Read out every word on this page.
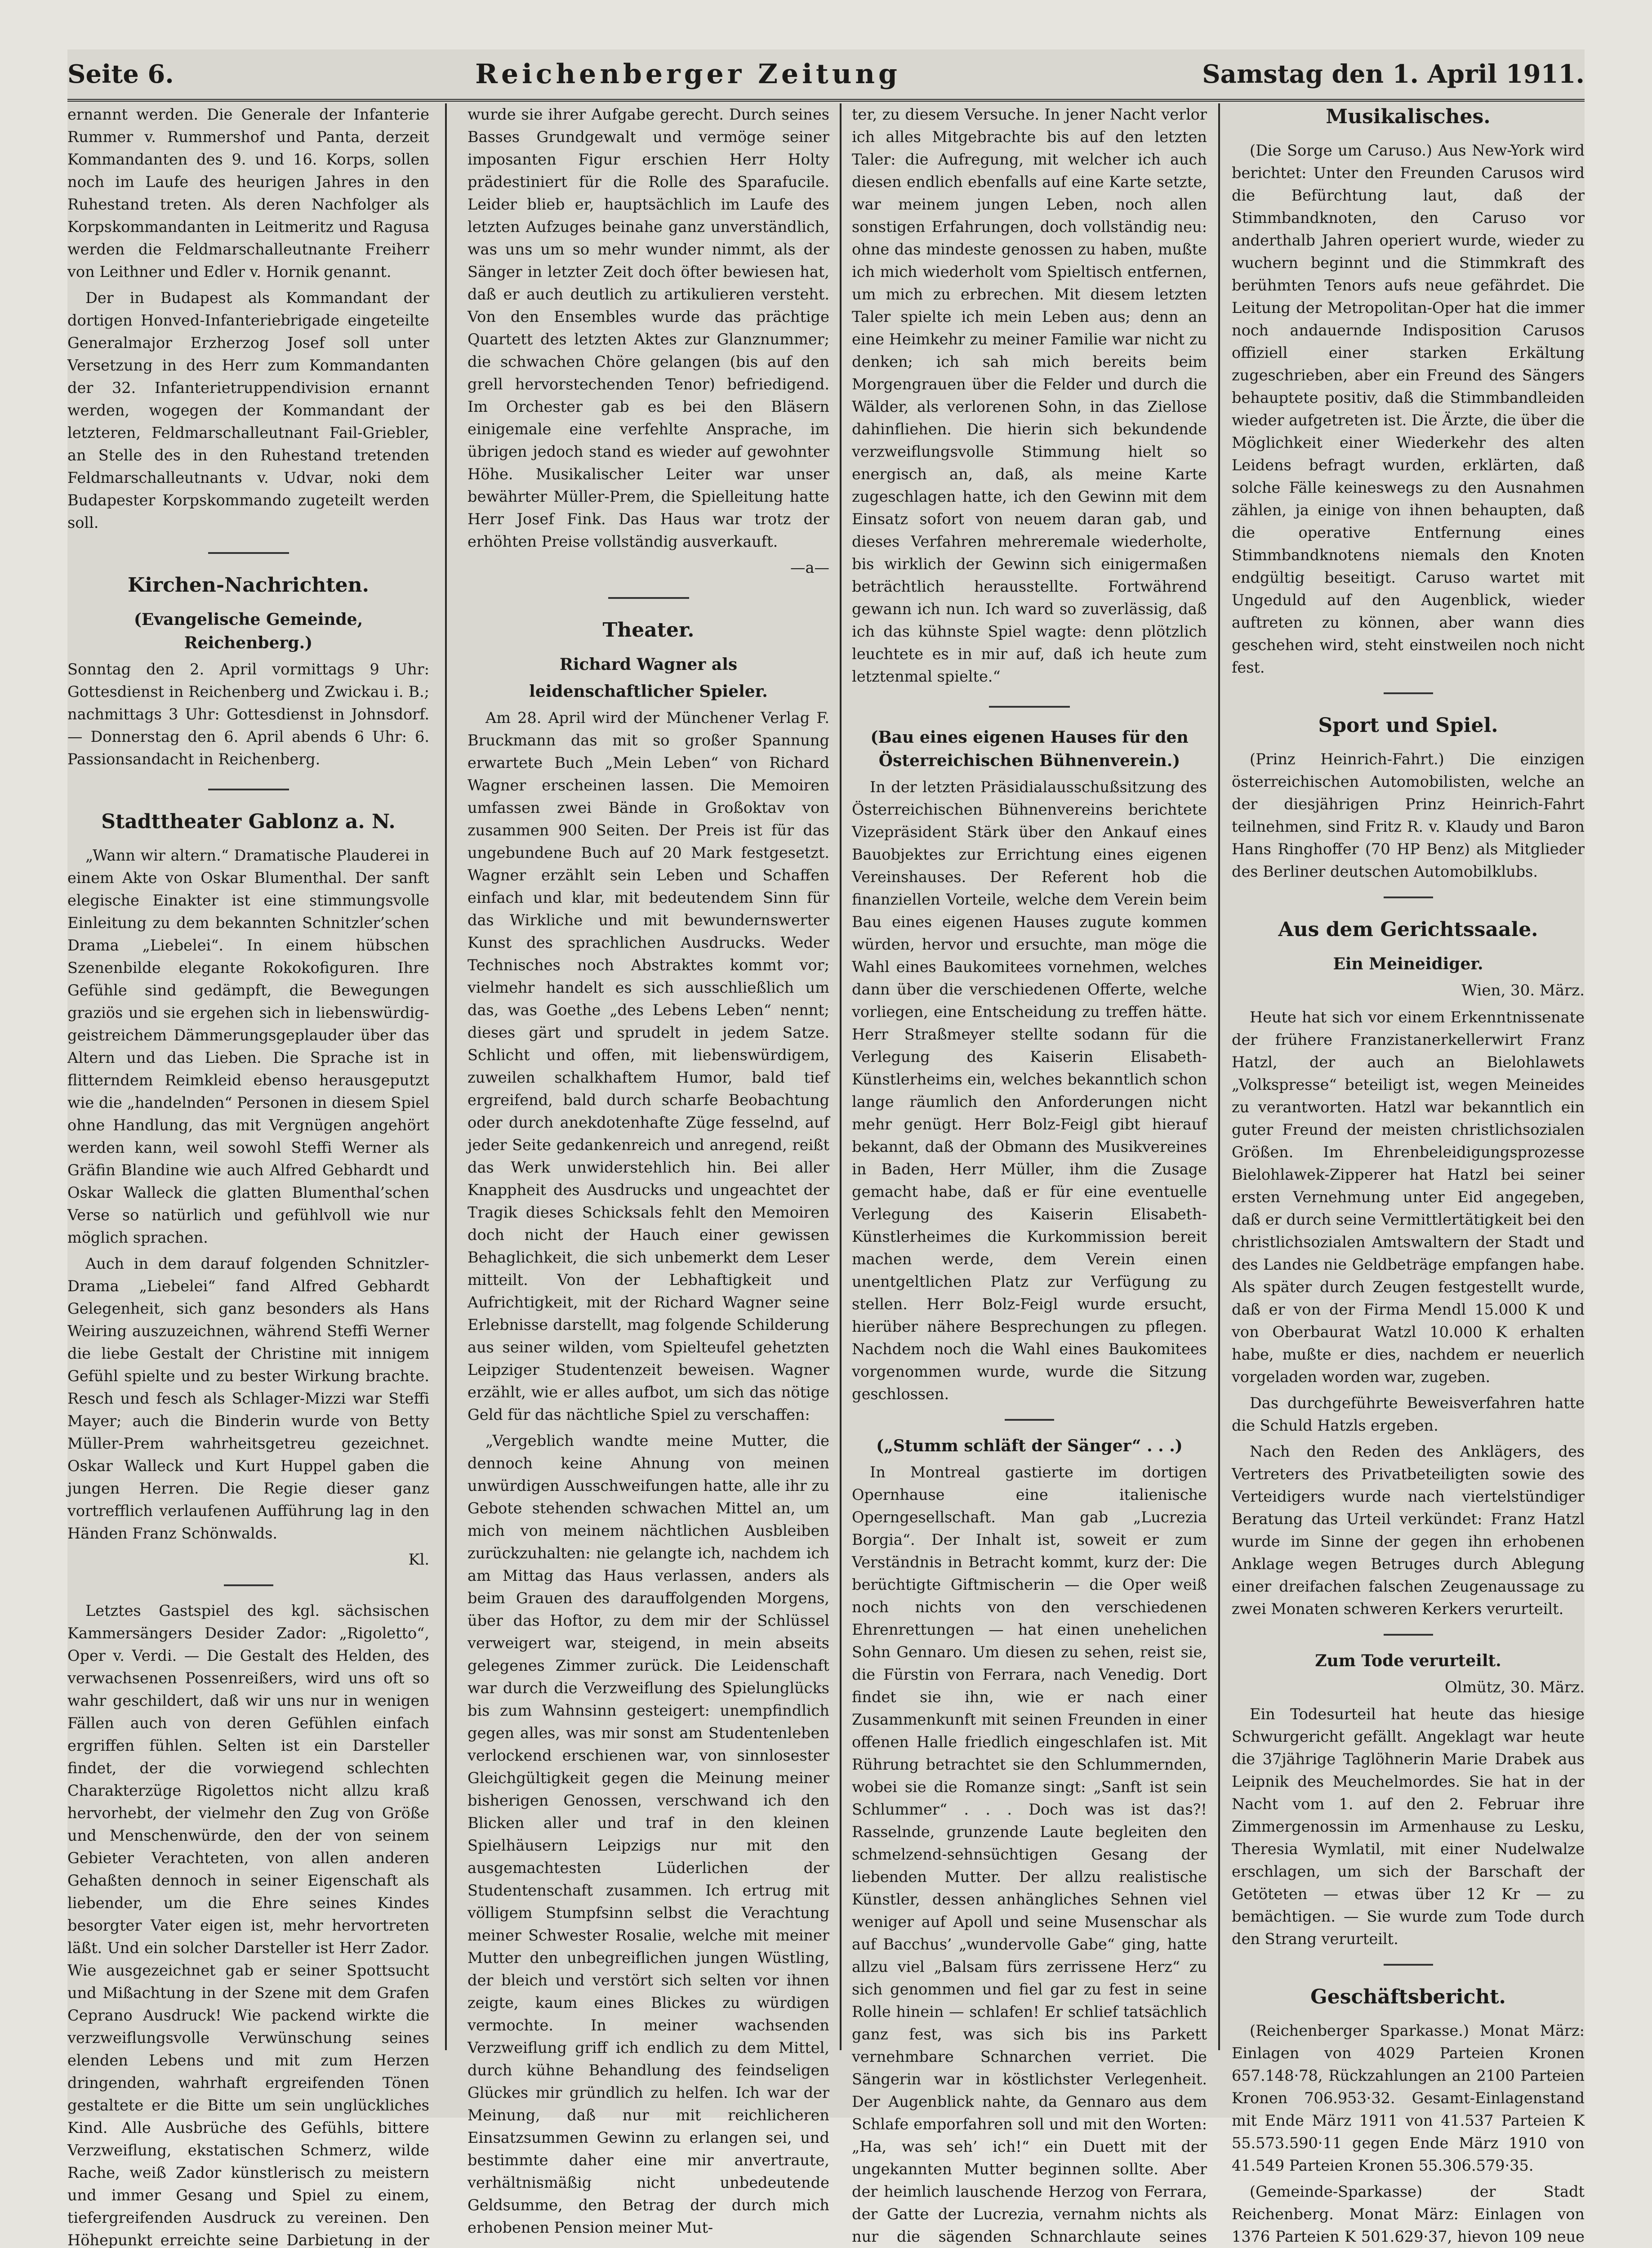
Seite 6.	Reichenberger Zeitung	Samstag den 1. April 1911.

ernannt werden. Die Generale der Infanterie Rummer v. Rummershof und Panta, derzeit Kommandanten des 9. und 16. Korps, sollen noch im Laufe des heurigen Jahres in den Ruhestand treten. Als deren Nachfolger als Korpskommandanten in Leitmeritz und Ragusa werden die Feldmarschalleutnante Freiherr von Leithner und Edler v. Hornik genannt.

Der in Budapest als Kommandant der dortigen Honved-Infanteriebrigade eingeteilte Generalmajor Erzherzog Josef soll unter Versetzung in des Herr zum Kommandanten der 32. Infanterietruppendivision ernannt werden, wogegen der Kommandant der letzteren, Feldmarschalleutnant Fail-Griebler, an Stelle des in den Ruhestand tretenden Feldmarschalleutnants v. Udvar, noki dem Budapester Korpskommando zugeteilt werden soll.

Kirchen-Nachrichten.
(Evangelische Gemeinde, Reichenberg.)

Sonntag den 2. April vormittags 9 Uhr: Gottesdienst in Reichenberg und Zwickau i. B.; nachmittags 3 Uhr: Gottesdienst in Johnsdorf. — Donnerstag den 6. April abends 6 Uhr: 6. Passionsandacht in Reichenberg.

Stadttheater Gablonz a. N.

„Wann wir altern.“ Dramatische Plauderei in einem Akte von Oskar Blumenthal. Der sanft elegische Einakter ist eine stimmungsvolle Einleitung zu dem bekannten Schnitzler’schen Drama „Liebelei“. In einem hübschen Szenenbilde elegante Rokokofiguren. Ihre Gefühle sind gedämpft, die Bewegungen graziös und sie ergehen sich in liebenswürdig-geistreichem Dämmerungsgeplauder über das Altern und das Lieben. Die Sprache ist in flitterndem Reimkleid ebenso herausgeputzt wie die „handelnden“ Personen in diesem Spiel ohne Handlung, das mit Vergnügen angehört werden kann, weil sowohl Steffi Werner als Gräfin Blandine wie auch Alfred Gebhardt und Oskar Walleck die glatten Blumenthal’schen Verse so natürlich und gefühlvoll wie nur möglich sprachen.

Auch in dem darauf folgenden Schnitzler-Drama „Liebelei“ fand Alfred Gebhardt Gelegenheit, sich ganz besonders als Hans Weiring auszuzeichnen, während Steffi Werner die liebe Gestalt der Christine mit innigem Gefühl spielte und zu bester Wirkung brachte. Resch und fesch als Schlager-Mizzi war Steffi Mayer; auch die Binderin wurde von Betty Müller-Prem wahrheitsgetreu gezeichnet. Oskar Walleck und Kurt Huppel gaben die jungen Herren. Die Regie dieser ganz vortrefflich verlaufenen Aufführung lag in den Händen Franz Schönwalds.

Kl.

Letztes Gastspiel des kgl. sächsischen Kammersängers Desider Zador: „Rigoletto“, Oper v. Verdi. — Die Gestalt des Helden, des verwachsenen Possenreißers, wird uns oft so wahr geschildert, daß wir uns nur in wenigen Fällen auch von deren Gefühlen einfach ergriffen fühlen. Selten ist ein Darsteller findet, der die vorwiegend schlechten Charakterzüge Rigolettos nicht allzu kraß hervorhebt, der vielmehr den Zug von Größe und Menschenwürde, den der von seinem Gebieter Verachteten, von allen anderen Gehaßten dennoch in seiner Eigenschaft als liebender, um die Ehre seines Kindes besorgter Vater eigen ist, mehr hervortreten läßt. Und ein solcher Darsteller ist Herr Zador. Wie ausgezeichnet gab er seiner Spottsucht und Mißachtung in der Szene mit dem Grafen Ceprano Ausdruck! Wie packend wirkte die verzweiflungsvolle Verwünschung seines elenden Lebens und mit zum Herzen dringenden, wahrhaft ergreifenden Tönen gestaltete er die Bitte um sein unglückliches Kind. Alle Ausbrüche des Gefühls, bittere Verzweiflung, ekstatischen Schmerz, wilde Rache, weiß Zador künstlerisch zu meistern und immer Gesang und Spiel zu einem, tiefergreifenden Ausdruck zu vereinen. Den Höhepunkt erreichte seine Darbietung in der

wurde sie ihrer Aufgabe gerecht. Durch seines Basses Grundgewalt und vermöge seiner imposanten Figur erschien Herr Holty prädestiniert für die Rolle des Sparafucile. Leider blieb er, hauptsächlich im Laufe des letzten Aufzuges beinahe ganz unverständlich, was uns um so mehr wunder nimmt, als der Sänger in letzter Zeit doch öfter bewiesen hat, daß er auch deutlich zu artikulieren versteht. Von den Ensembles wurde das prächtige Quartett des letzten Aktes zur Glanznummer; die schwachen Chöre gelangen (bis auf den grell hervorstechenden Tenor) befriedigend. Im Orchester gab es bei den Bläsern einigemale eine verfehlte Ansprache, im übrigen jedoch stand es wieder auf gewohnter Höhe. Musikalischer Leiter war unser bewährter Müller-Prem, die Spielleitung hatte Herr Josef Fink. Das Haus war trotz der erhöhten Preise vollständig ausverkauft.

—a—
Theater.
Richard Wagner als
leidenschaftlicher Spieler.

Am 28. April wird der Münchener Verlag F. Bruckmann das mit so großer Spannung erwartete Buch „Mein Leben“ von Richard Wagner erscheinen lassen. Die Memoiren umfassen zwei Bände in Großoktav von zusammen 900 Seiten. Der Preis ist für das ungebundene Buch auf 20 Mark festgesetzt. Wagner erzählt sein Leben und Schaffen einfach und klar, mit bedeutendem Sinn für das Wirkliche und mit bewundernswerter Kunst des sprachlichen Ausdrucks. Weder Technisches noch Abstraktes kommt vor; vielmehr handelt es sich ausschließlich um das, was Goethe „des Lebens Leben“ nennt; dieses gärt und sprudelt in jedem Satze. Schlicht und offen, mit liebenswürdigem, zuweilen schalkhaftem Humor, bald tief ergreifend, bald durch scharfe Beobachtung oder durch anekdotenhafte Züge fesselnd, auf jeder Seite gedankenreich und anregend, reißt das Werk unwiderstehlich hin. Bei aller Knappheit des Ausdrucks und ungeachtet der Tragik dieses Schicksals fehlt den Memoiren doch nicht der Hauch einer gewissen Behaglichkeit, die sich unbemerkt dem Leser mitteilt. Von der Lebhaftigkeit und Aufrichtigkeit, mit der Richard Wagner seine Erlebnisse darstellt, mag folgende Schilderung aus seiner wilden, vom Spielteufel gehetzten Leipziger Studentenzeit beweisen. Wagner erzählt, wie er alles aufbot, um sich das nötige Geld für das nächtliche Spiel zu verschaffen:

„Vergeblich wandte meine Mutter, die dennoch keine Ahnung von meinen unwürdigen Ausschweifungen hatte, alle ihr zu Gebote stehenden schwachen Mittel an, um mich von meinem nächtlichen Ausbleiben zurückzuhalten: nie gelangte ich, nachdem ich am Mittag das Haus verlassen, anders als beim Grauen des darauffolgenden Morgens, über das Hoftor, zu dem mir der Schlüssel verweigert war, steigend, in mein abseits gelegenes Zimmer zurück. Die Leidenschaft war durch die Verzweiflung des Spielunglücks bis zum Wahnsinn gesteigert: unempfindlich gegen alles, was mir sonst am Studentenleben verlockend erschienen war, von sinnlosester Gleichgültigkeit gegen die Meinung meiner bisherigen Genossen, verschwand ich den Blicken aller und traf in den kleinen Spielhäusern Leipzigs nur mit den ausgemachtesten Lüderlichen der Studentenschaft zusammen. Ich ertrug mit völligem Stumpfsinn selbst die Verachtung meiner Schwester Rosalie, welche mit meiner Mutter den unbegreiflichen jungen Wüstling, der bleich und verstört sich selten vor ihnen zeigte, kaum eines Blickes zu würdigen vermochte. In meiner wachsenden Verzweiflung griff ich endlich zu dem Mittel, durch kühne Behandlung des feindseligen Glückes mir gründlich zu helfen. Ich war der Meinung, daß nur mit reichlicheren Einsatzsummen Gewinn zu erlangen sei, und bestimmte daher eine mir anvertraute, verhältnismäßig nicht unbedeutende Geldsumme, den Betrag der durch mich erhobenen Pension meiner Mut-

ter, zu diesem Versuche. In jener Nacht verlor ich alles Mitgebrachte bis auf den letzten Taler: die Aufregung, mit welcher ich auch diesen endlich ebenfalls auf eine Karte setzte, war meinem jungen Leben, noch allen sonstigen Erfahrungen, doch vollständig neu: ohne das mindeste genossen zu haben, mußte ich mich wiederholt vom Spieltisch entfernen, um mich zu erbrechen. Mit diesem letzten Taler spielte ich mein Leben aus; denn an eine Heimkehr zu meiner Familie war nicht zu denken; ich sah mich bereits beim Morgengrauen über die Felder und durch die Wälder, als verlorenen Sohn, in das Ziellose dahinfliehen. Die hierin sich bekundende verzweiflungsvolle Stimmung hielt so energisch an, daß, als meine Karte zugeschlagen hatte, ich den Gewinn mit dem Einsatz sofort von neuem daran gab, und dieses Verfahren mehreremale wiederholte, bis wirklich der Gewinn sich einigermaßen beträchtlich herausstellte. Fortwährend gewann ich nun. Ich ward so zuverlässig, daß ich das kühnste Spiel wagte: denn plötzlich leuchtete es in mir auf, daß ich heute zum letztenmal spielte.“

(Bau eines eigenen Hauses für den Österreichischen Bühnenverein.)

In der letzten Präsidialausschußsitzung des Österreichischen Bühnenvereins berichtete Vizepräsident Stärk über den Ankauf eines Bauobjektes zur Errichtung eines eigenen Vereinshauses. Der Referent hob die finanziellen Vorteile, welche dem Verein beim Bau eines eigenen Hauses zugute kommen würden, hervor und ersuchte, man möge die Wahl eines Baukomitees vornehmen, welches dann über die verschiedenen Offerte, welche vorliegen, eine Entscheidung zu treffen hätte. Herr Straßmeyer stellte sodann für die Verlegung des Kaiserin Elisabeth-Künstlerheims ein, welches bekanntlich schon lange räumlich den Anforderungen nicht mehr genügt. Herr Bolz-Feigl gibt hierauf bekannt, daß der Obmann des Musikvereines in Baden, Herr Müller, ihm die Zusage gemacht habe, daß er für eine eventuelle Verlegung des Kaiserin Elisabeth-Künstlerheimes die Kurkommission bereit machen werde, dem Verein einen unentgeltlichen Platz zur Verfügung zu stellen. Herr Bolz-Feigl wurde ersucht, hierüber nähere Besprechungen zu pflegen. Nachdem noch die Wahl eines Baukomitees vorgenommen wurde, wurde die Sitzung geschlossen.

(„Stumm schläft der Sänger“ . . .)

In Montreal gastierte im dortigen Opernhause eine italienische Operngesellschaft. Man gab „Lucrezia Borgia“. Der Inhalt ist, soweit er zum Verständnis in Betracht kommt, kurz der: Die berüchtigte Giftmischerin — die Oper weiß noch nichts von den verschiedenen Ehrenrettungen — hat einen unehelichen Sohn Gennaro. Um diesen zu sehen, reist sie, die Fürstin von Ferrara, nach Venedig. Dort findet sie ihn, wie er nach einer Zusammenkunft mit seinen Freunden in einer offenen Halle friedlich eingeschlafen ist. Mit Rührung betrachtet sie den Schlummernden, wobei sie die Romanze singt: „Sanft ist sein Schlummer“ . . . Doch was ist das?! Rasselnde, grunzende Laute begleiten den schmelzend-sehnsüchtigen Gesang der liebenden Mutter. Der allzu realistische Künstler, dessen anhängliches Sehnen viel weniger auf Apoll und seine Musenschar als auf Bacchus’ „wundervolle Gabe“ ging, hatte allzu viel „Balsam fürs zerrissene Herz“ zu sich genommen und fiel gar zu fest in seine Rolle hinein — schlafen! Er schlief tatsächlich ganz fest, was sich bis ins Parkett vernehmbare Schnarchen verriet. Die Sängerin war in köstlichster Verlegenheit. Der Augenblick nahte, da Gennaro aus dem Schlafe emporfahren soll und mit den Worten: „Ha, was seh’ ich!“ ein Duett mit der ungekannten Mutter beginnen sollte. Aber der heimlich lauschende Herzog von Ferrara, der Gatte der Lucrezia, vernahm nichts als nur die sägenden Schnarchlaute seines

Musikalisches.

(Die Sorge um Caruso.) Aus New-York wird berichtet: Unter den Freunden Carusos wird die Befürchtung laut, daß der Stimmbandknoten, den Caruso vor anderthalb Jahren operiert wurde, wieder zu wuchern beginnt und die Stimmkraft des berühmten Tenors aufs neue gefährdet. Die Leitung der Metropolitan-Oper hat die immer noch andauernde Indisposition Carusos offiziell einer starken Erkältung zugeschrieben, aber ein Freund des Sängers behauptete positiv, daß die Stimmbandleiden wieder aufgetreten ist. Die Ärzte, die über die Möglichkeit einer Wiederkehr des alten Leidens befragt wurden, erklärten, daß solche Fälle keineswegs zu den Ausnahmen zählen, ja einige von ihnen behaupten, daß die operative Entfernung eines Stimmbandknotens niemals den Knoten endgültig beseitigt. Caruso wartet mit Ungeduld auf den Augenblick, wieder auftreten zu können, aber wann dies geschehen wird, steht einstweilen noch nicht fest.

Sport und Spiel.

(Prinz Heinrich-Fahrt.) Die einzigen österreichischen Automobilisten, welche an der diesjährigen Prinz Heinrich-Fahrt teilnehmen, sind Fritz R. v. Klaudy und Baron Hans Ringhoffer (70 HP Benz) als Mitglieder des Berliner deutschen Automobilklubs.

Aus dem Gerichtssaale.
Ein Meineidiger.
Wien, 30. März.

Heute hat sich vor einem Erkenntnissenate der frühere Franzistanerkellerwirt Franz Hatzl, der auch an Bielohlawets „Volkspresse“ beteiligt ist, wegen Meineides zu verantworten. Hatzl war bekanntlich ein guter Freund der meisten christlichsozialen Größen. Im Ehrenbeleidigungsprozesse Bielohlawek-Zipperer hat Hatzl bei seiner ersten Vernehmung unter Eid angegeben, daß er durch seine Vermittlertätigkeit bei den christlichsozialen Amtswaltern der Stadt und des Landes nie Geldbeträge empfangen habe. Als später durch Zeugen festgestellt wurde, daß er von der Firma Mendl 15.000 K und von Oberbaurat Watzl 10.000 K erhalten habe, mußte er dies, nachdem er neuerlich vorgeladen worden war, zugeben.

Das durchgeführte Beweisverfahren hatte die Schuld Hatzls ergeben.

Nach den Reden des Anklägers, des Vertreters des Privatbeteiligten sowie des Verteidigers wurde nach viertelstündiger Beratung das Urteil verkündet: Franz Hatzl wurde im Sinne der gegen ihn erhobenen Anklage wegen Betruges durch Ablegung einer dreifachen falschen Zeugenaussage zu zwei Monaten schweren Kerkers verurteilt.

Zum Tode verurteilt.
Olmütz, 30. März.

Ein Todesurteil hat heute das hiesige Schwurgericht gefällt. Angeklagt war heute die 37jährige Taglöhnerin Marie Drabek aus Leipnik des Meuchelmordes. Sie hat in der Nacht vom 1. auf den 2. Februar ihre Zimmergenossin im Armenhause zu Lesku, Theresia Wymlatil, mit einer Nudelwalze erschlagen, um sich der Barschaft der Getöteten — etwas über 12 Kr — zu bemächtigen. — Sie wurde zum Tode durch den Strang verurteilt.

Geschäftsbericht.

(Reichenberger Sparkasse.) Monat März: Einlagen von 4029 Parteien Kronen 657.148·78, Rückzahlungen an 2100 Parteien Kronen 706.953·32. Gesamt-Einlagenstand mit Ende März 1911 von 41.537 Parteien K 55.573.590·11 gegen Ende März 1910 von 41.549 Parteien Kronen 55.306.579·35.

(Gemeinde-Sparkasse) der Stadt Reichenberg. Monat März: Einlagen von 1376 Parteien K 501.629·37, hievon 109 neue
